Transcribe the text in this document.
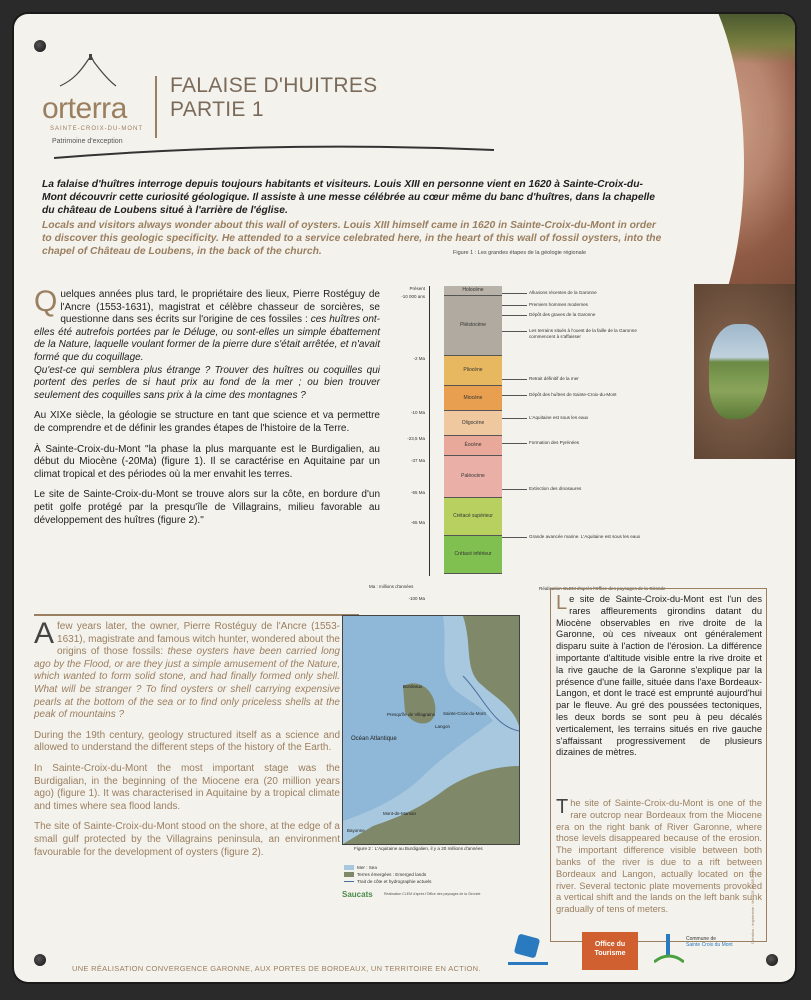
orterra
SAINTE-CROIX-DU-MONT
Patrimoine d'exception
FALAISE D'HUITRES
PARTIE 1
La falaise d'huîtres interroge depuis toujours habitants et visiteurs. Louis XIII en personne vient en 1620 à Sainte-Croix-du-Mont découvrir cette curiosité géologique. Il assiste à une messe célébrée au cœur même du banc d'huîtres, dans la chapelle du château de Loubens situé à l'arrière de l'église.
Locals and visitors always wonder about this wall of oysters. Louis XIII himself came in 1620 in Sainte-Croix-du-Mont in order to discover this geologic specificity. He attended to a service celebrated here, in the heart of this wall of fossil oysters, into the chapel of Château de Loubens, in the back of the church.

Quelques années plus tard, le propriétaire des lieux, Pierre Rostéguy de l'Ancre (1553-1631), magistrat et célèbre chasseur de sorcières, se questionne dans ses écrits sur l'origine de ces fossiles : ces huîtres ont-elles été autrefois portées par le Déluge, ou sont-elles un simple ébattement de la Nature, laquelle voulant former de la pierre dure s'était arrêtée, et n'avait formé que du coquillage.
Qu'est-ce qui semblera plus étrange ? Trouver des huîtres ou coquilles qui portent des perles de si haut prix au fond de la mer ; ou bien trouver seulement des coquilles sans prix à la cime des montagnes ?

Au XIXe siècle, la géologie se structure en tant que science et va permettre de comprendre et de définir les grandes étapes de l'histoire de la Terre.

À Sainte-Croix-du-Mont "la phase la plus marquante est le Burdigalien, au début du Miocène (-20Ma) (figure 1). Il se caractérise en Aquitaine par un climat tropical et des périodes où la mer envahit les terres.

Le site de Sainte-Croix-du-Mont se trouve alors sur la côte, en bordure d'un petit golfe protégé par la presqu'île de Villagrains, milieu favorable au développement des huîtres (figure 2)."

A few years later, the owner, Pierre Rostéguy de l'Ancre (1553-1631), magistrate and famous witch hunter, wondered about the origins of those fossils: these oysters have been carried long ago by the Flood, or are they just a simple amusement of the Nature, which wanted to form solid stone, and had finally formed only shell. What will be stranger ? To find oysters or shell carrying expensive pearls at the bottom of the sea or to find only priceless shells at the peak of mountains ?

During the 19th century, geology structured itself as a science and allowed to understand the different steps of the history of the Earth.

In Sainte-Croix-du-Mont the most important stage was the Burdigalian, in the beginning of the Miocene era (20 million years ago) (figure 1). It was characterised in Aquitaine by a tropical climate and times where sea flood lands.

The site of Sainte-Croix-du-Mont stood on the shore, at the edge of a small gulf protected by the Villagrains peninsula, an environment favourable for the development of oysters (figure 2).

Figure 1 : Les grandes étapes de la géologie régionale
Présent
-10 000 ans
-2 Ma
-10 Ma
-23,5 Ma
-37 Ma
-55 Ma
-65 Ma
-100 Ma
Holocène
Pléistocène
Pliocène
Miocène
Oligocène
Éocène
Paléocène
Crétacé supérieur
Crétacé inférieur
Alluvions récentes de la Garonne
Premiers hommes modernes
Dépôt des graves de la Garonne
Les terrains situés à l'ouest de la faille de la Garonne commencent à s'affaisser
Retrait définitif de la mer
Dépôt des huîtres de Sainte-Croix-du-Mont
L'Aquitaine est sous les eaux
Formation des Pyrénées
Extinction des dinosaures
Grande avancée marine. L'Aquitaine est sous les eaux
Ma : millions d'années	Réalisation CLEM d'après l'Office des paysages de la Gironde
Bordeaux
Langon
Océan Atlantique
Mont-de-Marsan
Bayonne
Presqu'île de Villagrains Sainte-Croix-du-Mont
Figure 2 : L'Aquitaine au Burdigalien, il y a 20 millions d'années
Mer : Sea
Terres émergées : Emerged lands
Trait de côte et hydrographie actuels
Saucats	Réalisation CLEM d'après l'Office des paysages de la Gironde
Le site de Sainte-Croix-du-Mont est l'un des rares affleurements girondins datant du Miocène observables en rive droite de la Garonne, où ces niveaux ont généralement disparu suite à l'action de l'érosion. La différence importante d'altitude visible entre la rive droite et la rive gauche de la Garonne s'explique par la présence d'une faille, située dans l'axe Bordeaux-Langon, et dont le tracé est emprunté aujourd'hui par le fleuve. Au gré des poussées tectoniques, les deux bords se sont peu à peu décalés verticalement, les terrains situés en rive gauche s'affaissant progressivement de plusieurs dizaines de mètres.
The site of Sainte-Croix-du-Mont is one of the rare outcrop near Bordeaux from the Miocene era on the right bank of River Garonne, where those levels disappeared because of the erosion. The important difference visible between both banks of the river is due to a rift between Bordeaux and Langon, actually located on the river. Several tectonic plate movements provoked a vertical shift and the lands on the left bank sunk gradually of tens of meters.	Création : imprimerie : tél. : 05 49 88 14 02
UNE RÉALISATION CONVERGENCE GARONNE, AUX PORTES DE BORDEAUX, UN TERRITOIRE EN ACTION.
Office du Tourisme
Commune de
Sainte Croix du Mont
